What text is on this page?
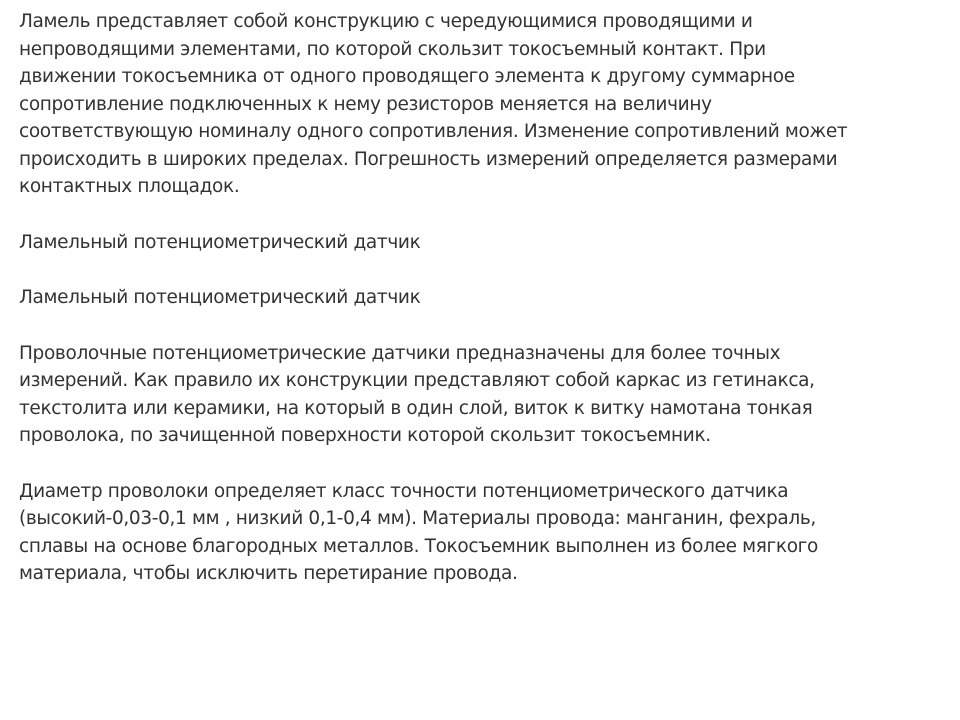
Ламель представляет собой конструкцию с чередующимися проводящими и
непроводящими элементами, по которой скользит токосъемный контакт. При
движении токосъемника от одного проводящего элемента к другому суммарное
сопротивление подключенных к нему резисторов меняется на величину
соответствующую номиналу одного сопротивления. Изменение сопротивлений может
происходить в широких пределах. Погрешность измерений определяется размерами
контактных площадок.

Ламельный потенциометрический датчик

Ламельный потенциометрический датчик

Проволочные потенциометрические датчики предназначены для более точных
измерений. Как правило их конструкции представляют собой каркас из гетинакса,
текстолита или керамики, на который в один слой, виток к витку намотана тонкая
проволока, по зачищенной поверхности которой скользит токосъемник.

Диаметр проволоки определяет класс точности потенциометрического датчика
(высокий-0,03-0,1 мм , низкий 0,1-0,4 мм). Материалы провода: манганин, фехраль,
сплавы на основе благородных металлов. Токосъемник выполнен из более мягкого
материала, чтобы исключить перетирание провода.
